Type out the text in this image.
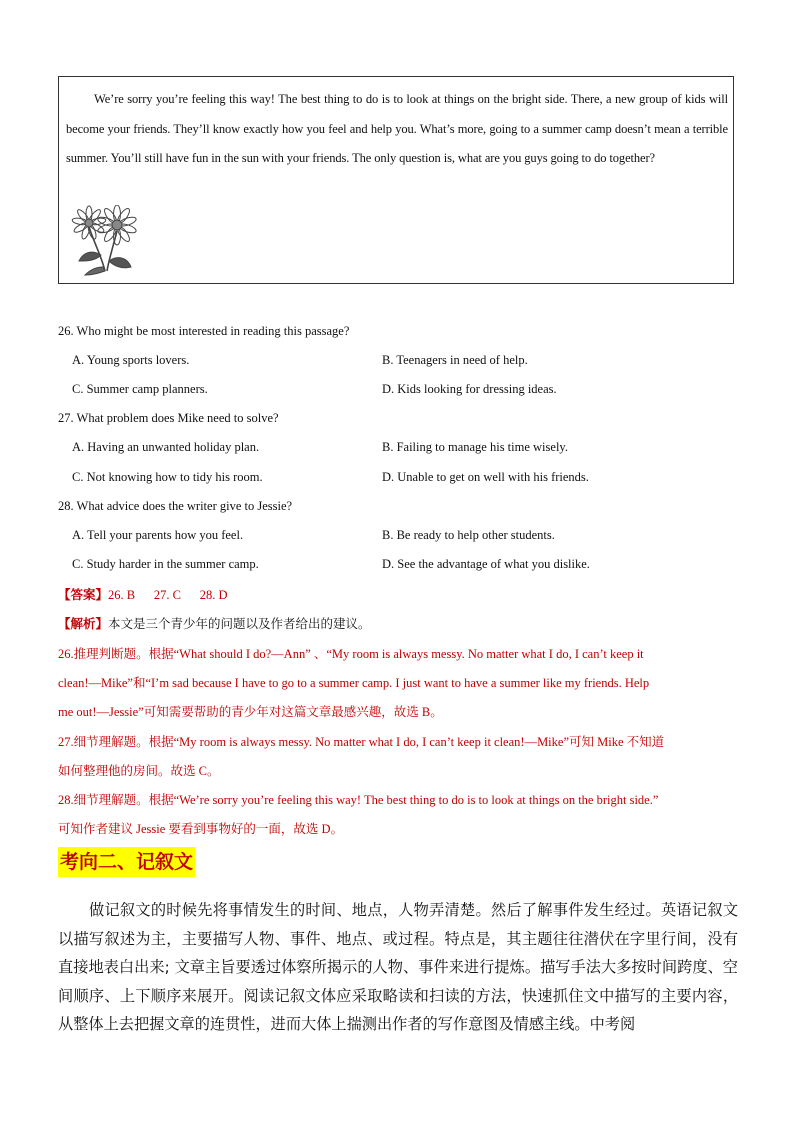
We’re sorry you’re feeling this way! The best thing to do is to look at things on the bright side. There, a new group of kids will become your friends. They’ll know exactly how you feel and help you. What’s more, going to a summer camp doesn’t mean a terrible summer. You’ll still have fun in the sun with your friends. The only question is, what are you guys going to do together?
26. Who might be most interested in reading this passage?
A. Young sports lovers.	B. Teenagers in need of help.
C. Summer camp planners.	D. Kids looking for dressing ideas.
27. What problem does Mike need to solve?
A. Having an unwanted holiday plan.	B. Failing to manage his time wisely.
C. Not knowing how to tidy his room.	D. Unable to get on well with his friends.
28. What advice does the writer give to Jessie?
A. Tell your parents how you feel.	B. Be ready to help other students.
C. Study harder in the summer camp.	D. See the advantage of what you dislike.
【答案】26. B      27. C      28. D
【解析】本文是三个青少年的问题以及作者给出的建议。
26.推理判断题。根据“What should I do?—Ann” 、“My room is always messy. No matter what I do, I can’t keep it
clean!—Mike”和“I’m sad because I have to go to a summer camp. I just want to have a summer like my friends. Help
me out!—Jessie”可知需要帮助的青少年对这篇文章最感兴趣，故选 B。
27.细节理解题。根据“My room is always messy. No matter what I do, I can’t keep it clean!—Mike”可知 Mike 不知道
如何整理他的房间。故选 C。
28.细节理解题。根据“We’re sorry you’re feeling this way! The best thing to do is to look at things on the bright side.”
可知作者建议 Jessie 要看到事物好的一面，故选 D。
考向二、记叙文
做记叙文的时候先将事情发生的时间、地点，人物弄清楚。然后了解事件发生经过。英语记叙文以描写叙述为主，主要描写人物、事件、地点、或过程。特点是，其主题往往潜伏在字里行间，没有直接地表白出来; 文章主旨要透过体察所揭示的人物、事件来进行提炼。描写手法大多按时间跨度、空间顺序、上下顺序来展开。阅读记叙文体应采取略读和扫读的方法，快速抓住文中描写的主要内容，从整体上去把握文章的连贯性，进而大体上揣测出作者的写作意图及情感主线。中考阅
